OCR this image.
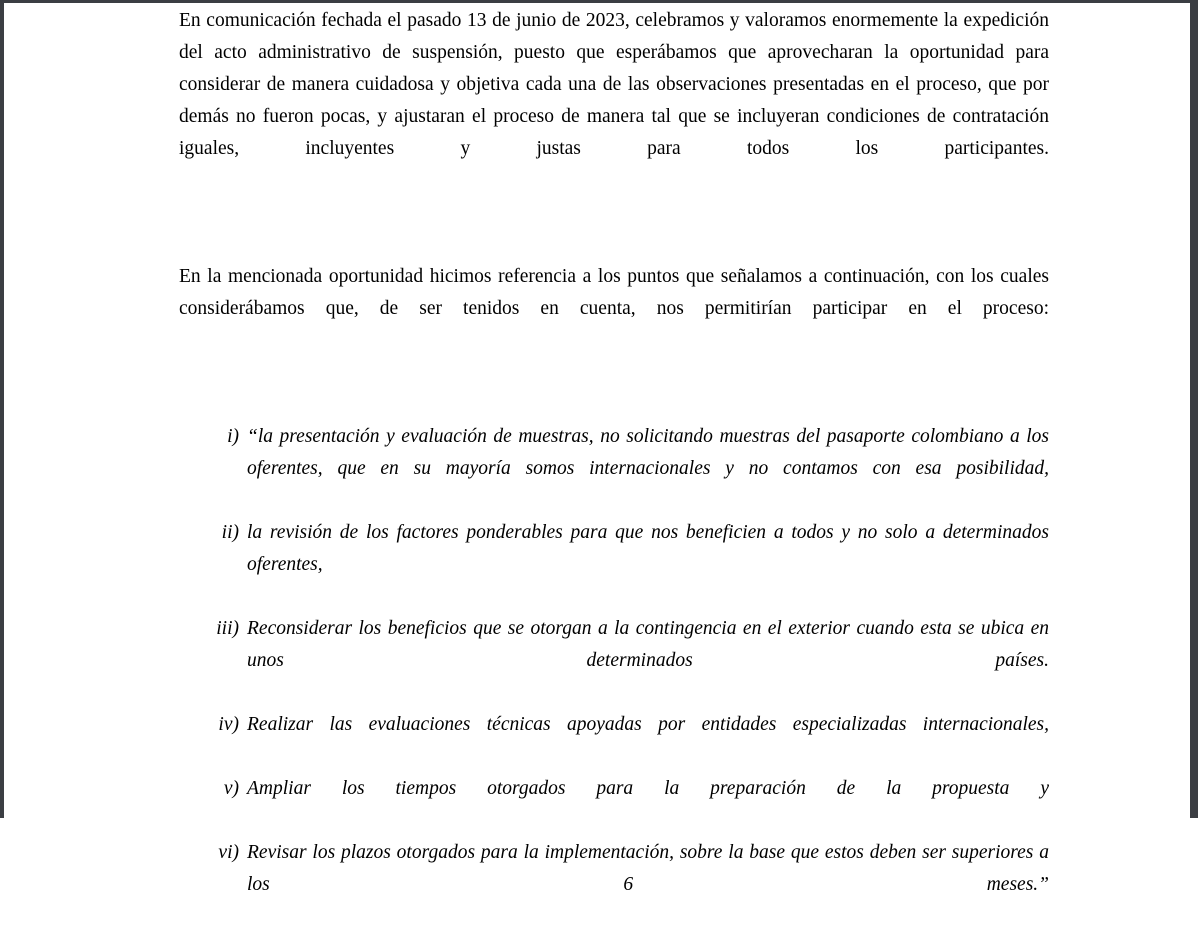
En comunicación fechada el pasado 13 de junio de 2023, celebramos y valoramos enormemente la expedición del acto administrativo de suspensión, puesto que esperábamos que aprovecharan la oportunidad para considerar de manera cuidadosa y objetiva cada una de las observaciones presentadas en el proceso, que por demás no fueron pocas, y ajustaran el proceso de manera tal que se incluyeran condiciones de contratación iguales, incluyentes y justas para todos los participantes.

En la mencionada oportunidad hicimos referencia a los puntos que señalamos a continuación, con los cuales considerábamos que, de ser tenidos en cuenta, nos permitirían participar en el proceso:

i) “la presentación y evaluación de muestras, no solicitando muestras del pasaporte colombiano a los oferentes, que en su mayoría somos internacionales y no contamos con esa posibilidad,
ii) la revisión de los factores ponderables para que nos beneficien a todos y no solo a determinados oferentes,
iii) Reconsiderar los beneficios que se otorgan a la contingencia en el exterior cuando esta se ubica en unos determinados países.
iv) Realizar las evaluaciones técnicas apoyadas por entidades especializadas internacionales,
v) Ampliar los tiempos otorgados para la preparación de la propuesta y
vi) Revisar los plazos otorgados para la implementación, sobre la base que estos deben ser superiores a los 6 meses.”
